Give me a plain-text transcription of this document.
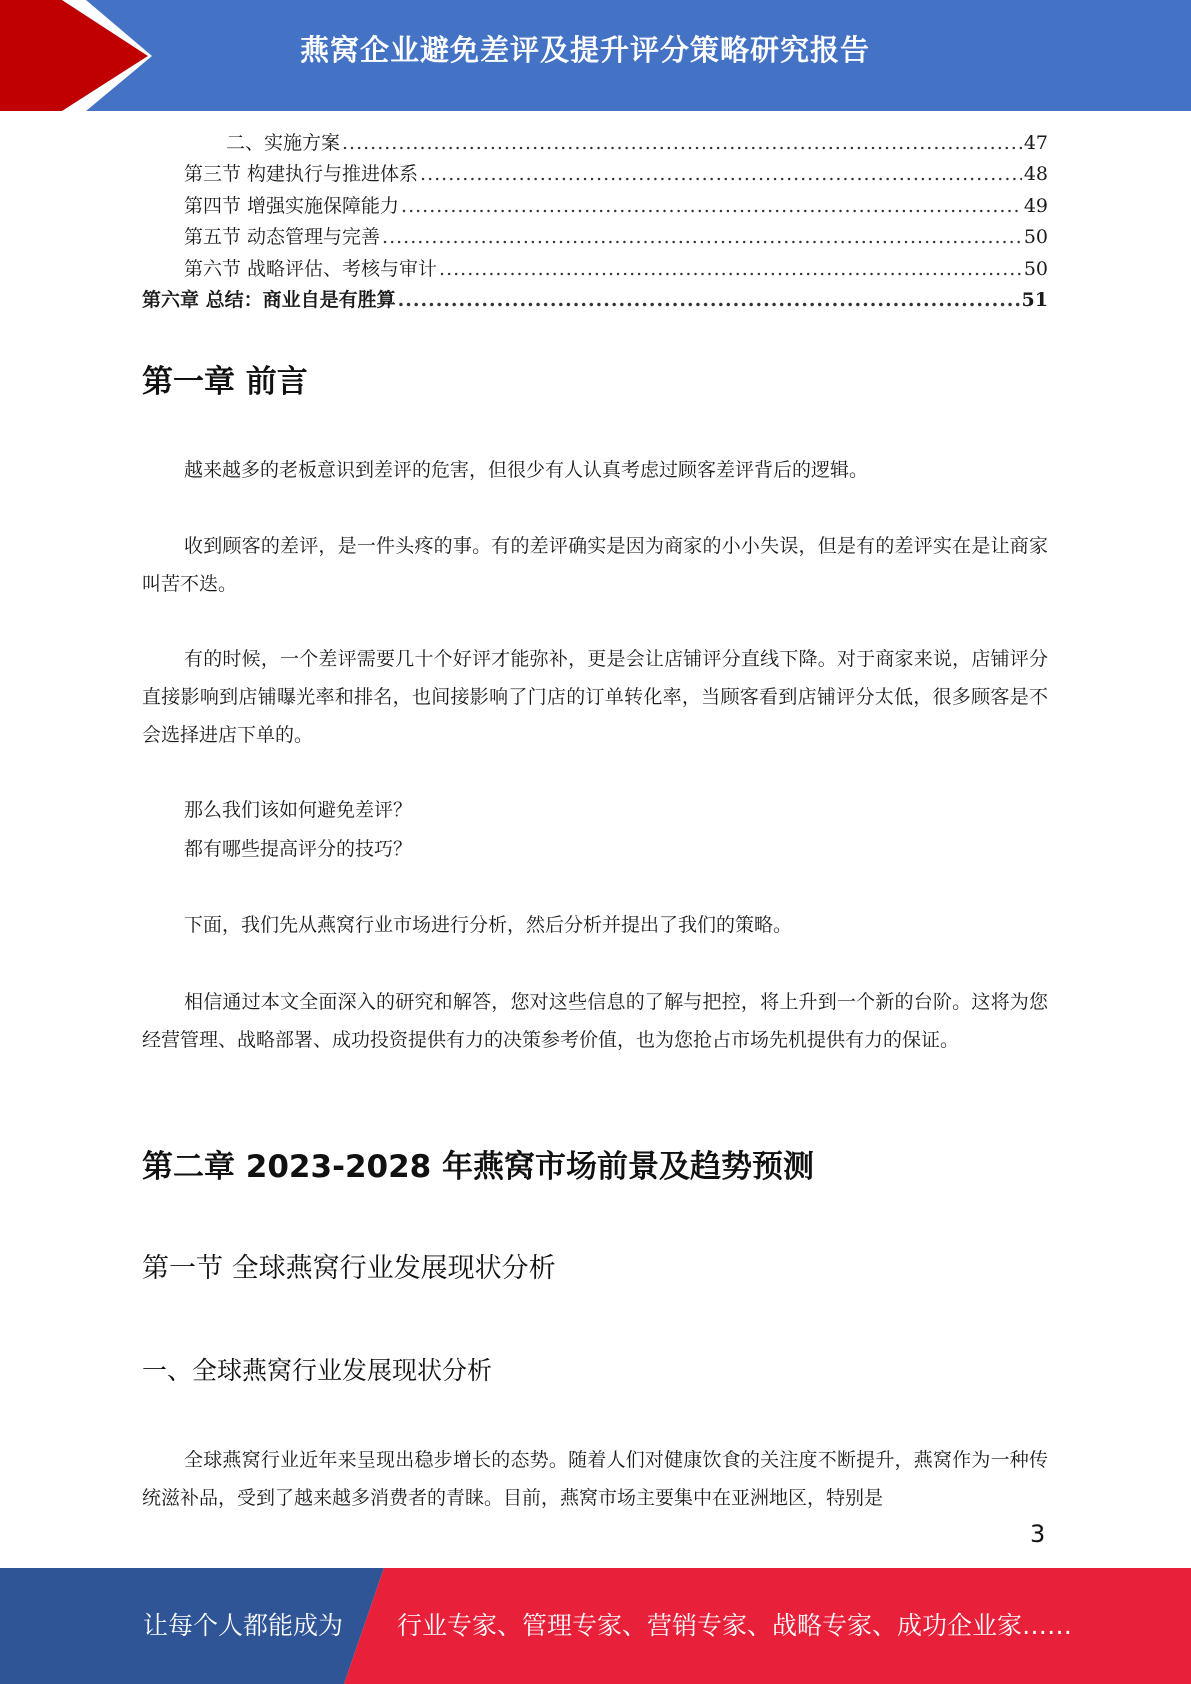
燕窝企业避免差评及提升评分策略研究报告
二、实施方案 .....	47
第三节 构建执行与推进体系 .....	48
第四节 增强实施保障能力 .....	49
第五节 动态管理与完善 .....	50
第六节 战略评估、考核与审计 .....	50
第六章 总结：商业自是有胜算 .....	51
第一章 前言
越来越多的老板意识到差评的危害，但很少有人认真考虑过顾客差评背后的逻辑。
收到顾客的差评，是一件头疼的事。有的差评确实是因为商家的小小失误，但是有的差评实在是让商家叫苦不迭。
有的时候，一个差评需要几十个好评才能弥补，更是会让店铺评分直线下降。对于商家来说，店铺评分直接影响到店铺曝光率和排名，也间接影响了门店的订单转化率，当顾客看到店铺评分太低，很多顾客是不会选择进店下单的。
那么我们该如何避免差评？
都有哪些提高评分的技巧？
下面，我们先从燕窝行业市场进行分析，然后分析并提出了我们的策略。
相信通过本文全面深入的研究和解答，您对这些信息的了解与把控，将上升到一个新的台阶。这将为您经营管理、战略部署、成功投资提供有力的决策参考价值，也为您抢占市场先机提供有力的保证。
第二章 2023-2028 年燕窝市场前景及趋势预测
第一节 全球燕窝行业发展现状分析
一、全球燕窝行业发展现状分析
全球燕窝行业近年来呈现出稳步增长的态势。随着人们对健康饮食的关注度不断提升，燕窝作为一种传统滋补品，受到了越来越多消费者的青睐。目前，燕窝市场主要集中在亚洲地区，特别是
3
让每个人都能成为 行业专家、管理专家、营销专家、战略专家、成功企业家……
